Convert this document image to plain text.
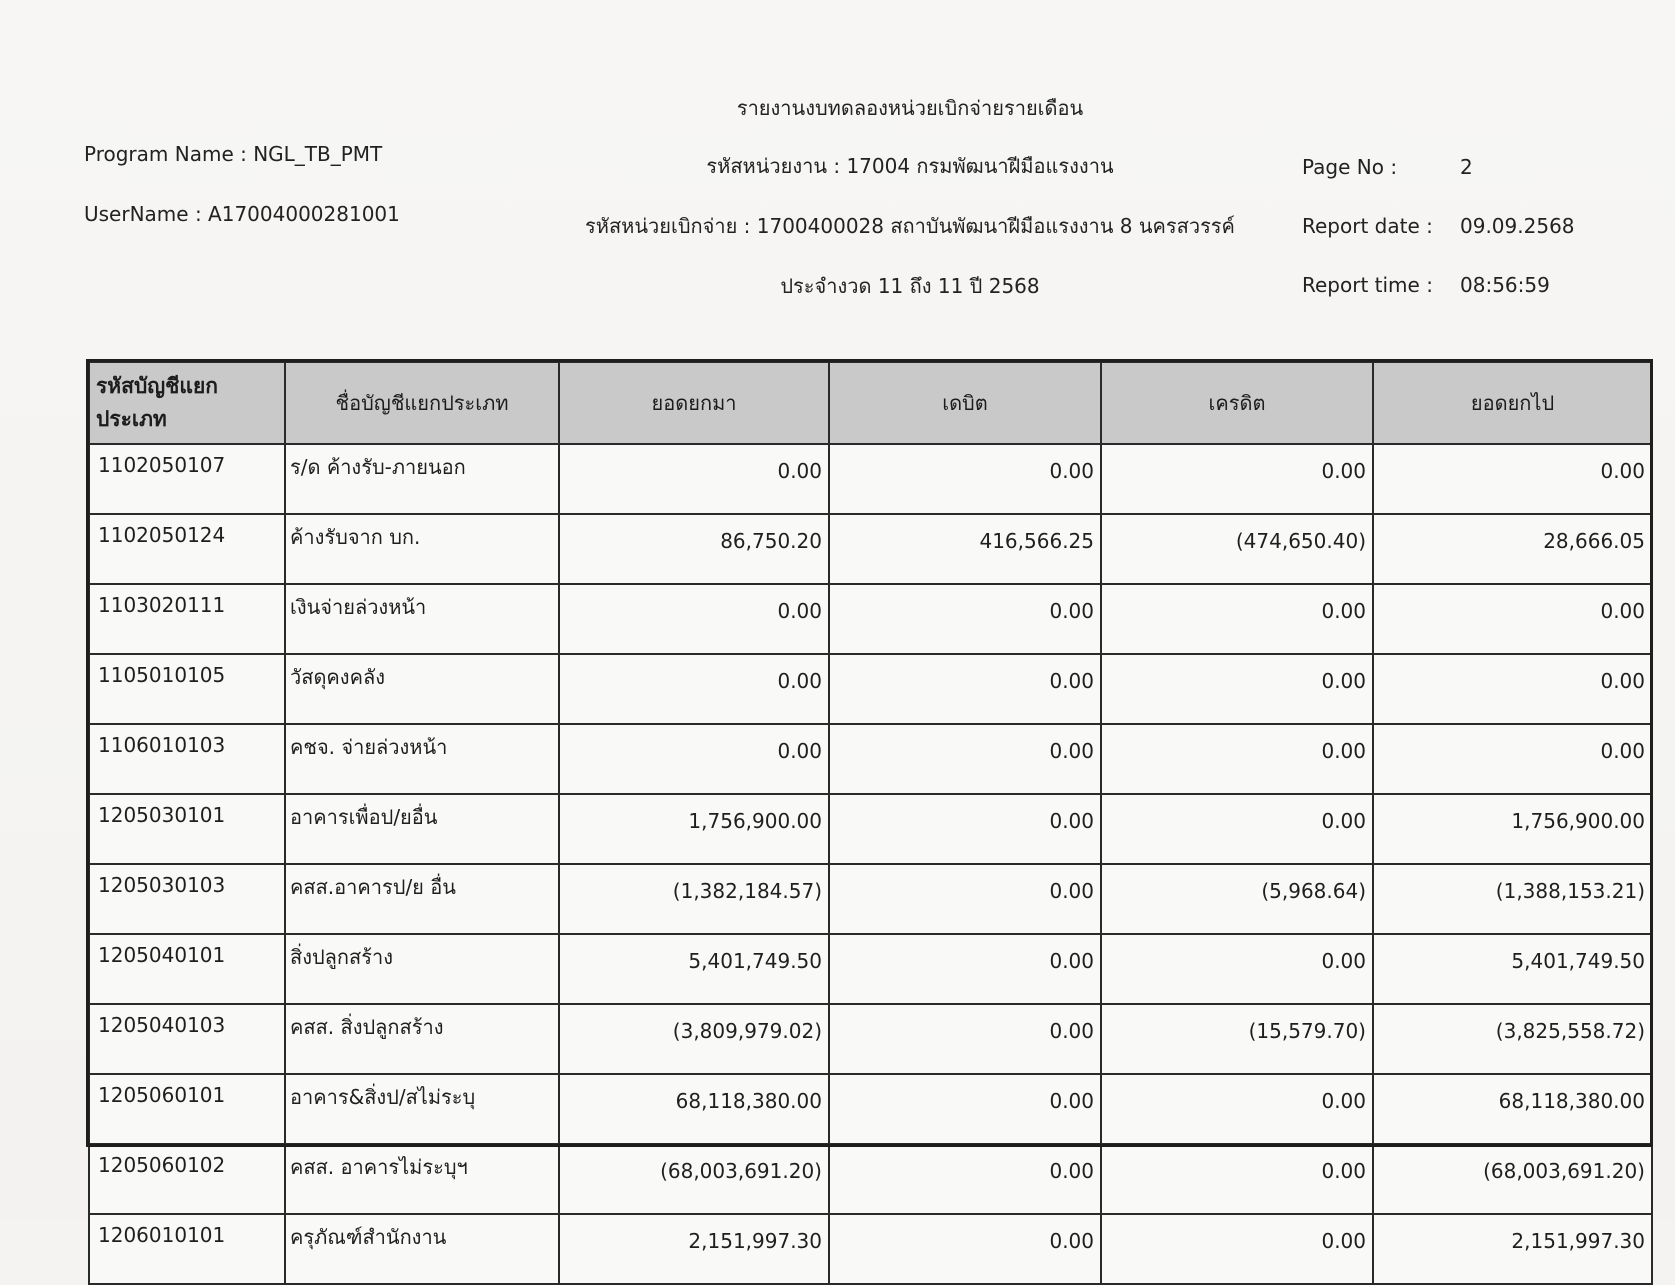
รายงานงบทดลองหน่วยเบิกจ่ายรายเดือน
รหัสหน่วยงาน : 17004 กรมพัฒนาฝีมือแรงงาน
รหัสหน่วยเบิกจ่าย : 1700400028 สถาบันพัฒนาฝีมือแรงงาน 8 นครสวรรค์
ประจำงวด 11 ถึง 11 ปี 2568
Program Name : NGL_TB_PMT
UserName : A17004000281001
Page No :	2
Report date : 09.09.2568
Report time : 08:56:59
รหัสบัญชีแยกประเภท	ชื่อบัญชีแยกประเภท	ยอดยกมา	เดบิต	เครดิต	ยอดยกไป
1102050107	ร/ด ค้างรับ-ภายนอก	0.00	0.00	0.00	0.00
1102050124	ค้างรับจาก บก.	86,750.20	416,566.25	(474,650.40)	28,666.05
1103020111	เงินจ่ายล่วงหน้า	0.00	0.00	0.00	0.00
1105010105	วัสดุคงคลัง	0.00	0.00	0.00	0.00
1106010103	คชจ. จ่ายล่วงหน้า	0.00	0.00	0.00	0.00
1205030101	อาคารเพื่อป/ยอื่น	1,756,900.00	0.00	0.00	1,756,900.00
1205030103	คสส.อาคารป/ย อื่น	(1,382,184.57)	0.00	(5,968.64)	(1,388,153.21)
1205040101	สิ่งปลูกสร้าง	5,401,749.50	0.00	0.00	5,401,749.50
1205040103	คสส. สิ่งปลูกสร้าง	(3,809,979.02)	0.00	(15,579.70)	(3,825,558.72)
1205060101	อาคาร&สิ่งป/สไม่ระบุ	68,118,380.00	0.00	0.00	68,118,380.00
1205060102	คสส. อาคารไม่ระบุฯ	(68,003,691.20)	0.00	0.00	(68,003,691.20)
1206010101	ครุภัณฑ์สำนักงาน	2,151,997.30	0.00	0.00	2,151,997.30
